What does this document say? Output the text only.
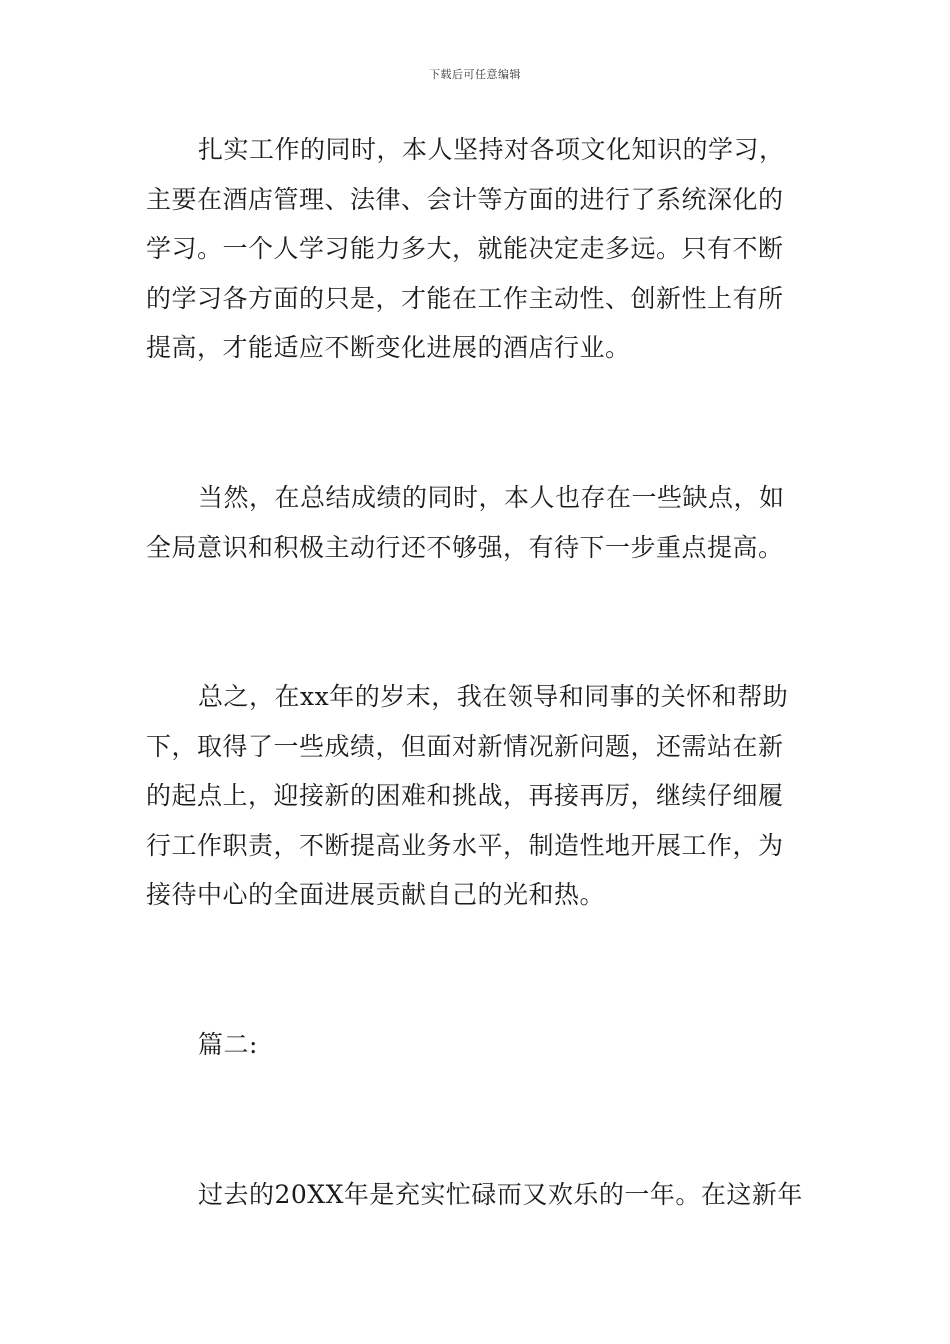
下载后可任意编辑

扎实工作的同时，本人坚持对各项文化知识的学习，主要在酒店管理、法律、会计等方面的进行了系统深化的学习。一个人学习能力多大，就能决定走多远。只有不断的学习各方面的只是，才能在工作主动性、创新性上有所提高，才能适应不断变化进展的酒店行业。

当然，在总结成绩的同时，本人也存在一些缺点，如全局意识和积极主动行还不够强，有待下一步重点提高。

总之，在xx年的岁末，我在领导和同事的关怀和帮助下，取得了一些成绩，但面对新情况新问题，还需站在新的起点上，迎接新的困难和挑战，再接再厉，继续仔细履行工作职责，不断提高业务水平，制造性地开展工作，为接待中心的全面进展贡献自己的光和热。

篇二:

过去的20XX年是充实忙碌而又欢乐的一年。在这新年
